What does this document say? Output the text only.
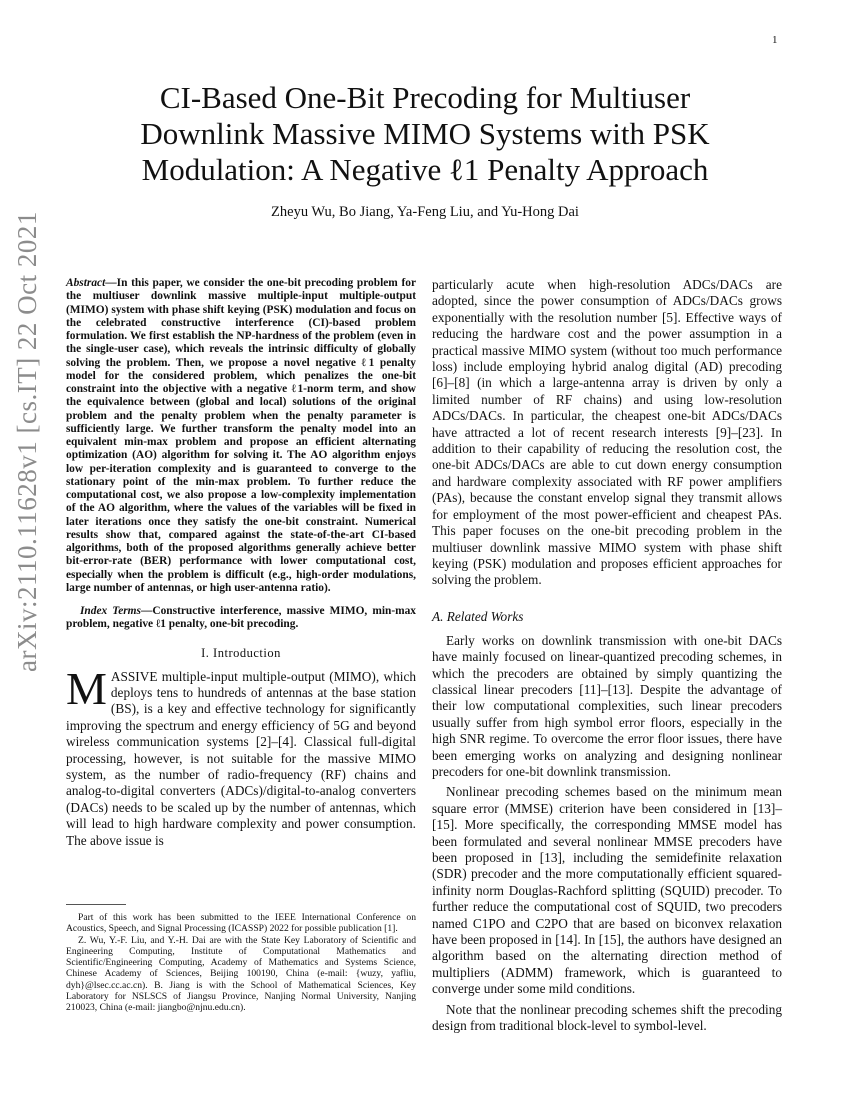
1
arXiv:2110.11628v1 [cs.IT] 22 Oct 2021
CI-Based One-Bit Precoding for Multiuser Downlink Massive MIMO Systems with PSK Modulation: A Negative ℓ1 Penalty Approach
Zheyu Wu, Bo Jiang, Ya-Feng Liu, and Yu-Hong Dai

Abstract—In this paper, we consider the one-bit precoding problem for the multiuser downlink massive multiple-input multiple-output (MIMO) system with phase shift keying (PSK) modulation and focus on the celebrated constructive interference (CI)-based problem formulation. We first establish the NP-hardness of the problem (even in the single-user case), which reveals the intrinsic difficulty of globally solving the problem. Then, we propose a novel negative ℓ1 penalty model for the considered problem, which penalizes the one-bit constraint into the objective with a negative ℓ1-norm term, and show the equivalence between (global and local) solutions of the original problem and the penalty problem when the penalty parameter is sufficiently large. We further transform the penalty model into an equivalent min-max problem and propose an efficient alternating optimization (AO) algorithm for solving it. The AO algorithm enjoys low per-iteration complexity and is guaranteed to converge to the stationary point of the min-max problem. To further reduce the computational cost, we also propose a low-complexity implementation of the AO algorithm, where the values of the variables will be fixed in later iterations once they satisfy the one-bit constraint. Numerical results show that, compared against the state-of-the-art CI-based algorithms, both of the proposed algorithms generally achieve better bit-error-rate (BER) performance with lower computational cost, especially when the problem is difficult (e.g., high-order modulations, large number of antennas, or high user-antenna ratio).

Index Terms—Constructive interference, massive MIMO, min-max problem, negative ℓ1 penalty, one-bit precoding.

I. Introduction

MASSIVE multiple-input multiple-output (MIMO), which deploys tens to hundreds of antennas at the base station (BS), is a key and effective technology for significantly improving the spectrum and energy efficiency of 5G and beyond wireless communication systems [2]–[4]. Classical full-digital processing, however, is not suitable for the massive MIMO system, as the number of radio-frequency (RF) chains and analog-to-digital converters (ADCs)/digital-to-analog converters (DACs) needs to be scaled up by the number of antennas, which will lead to high hardware complexity and power consumption. The above issue is

Part of this work has been submitted to the IEEE International Conference on Acoustics, Speech, and Signal Processing (ICASSP) 2022 for possible publication [1].

Z. Wu, Y.-F. Liu, and Y.-H. Dai are with the State Key Laboratory of Scientific and Engineering Computing, Institute of Computational Mathematics and Scientific/Engineering Computing, Academy of Mathematics and Systems Science, Chinese Academy of Sciences, Beijing 100190, China (e-mail: {wuzy, yafliu, dyh}@lsec.cc.ac.cn). B. Jiang is with the School of Mathematical Sciences, Key Laboratory for NSLSCS of Jiangsu Province, Nanjing Normal University, Nanjing 210023, China (e-mail: jiangbo@njnu.edu.cn).

particularly acute when high-resolution ADCs/DACs are adopted, since the power consumption of ADCs/DACs grows exponentially with the resolution number [5]. Effective ways of reducing the hardware cost and the power assumption in a practical massive MIMO system (without too much performance loss) include employing hybrid analog digital (AD) precoding [6]–[8] (in which a large-antenna array is driven by only a limited number of RF chains) and using low-resolution ADCs/DACs. In particular, the cheapest one-bit ADCs/DACs have attracted a lot of recent research interests [9]–[23]. In addition to their capability of reducing the resolution cost, the one-bit ADCs/DACs are able to cut down energy consumption and hardware complexity associated with RF power amplifiers (PAs), because the constant envelop signal they transmit allows for employment of the most power-efficient and cheapest PAs. This paper focuses on the one-bit precoding problem in the multiuser downlink massive MIMO system with phase shift keying (PSK) modulation and proposes efficient approaches for solving the problem.

A. Related Works

Early works on downlink transmission with one-bit DACs have mainly focused on linear-quantized precoding schemes, in which the precoders are obtained by simply quantizing the classical linear precoders [11]–[13]. Despite the advantage of their low computational complexities, such linear precoders usually suffer from high symbol error floors, especially in the high SNR regime. To overcome the error floor issues, there have been emerging works on analyzing and designing nonlinear precoders for one-bit downlink transmission.

Nonlinear precoding schemes based on the minimum mean square error (MMSE) criterion have been considered in [13]–[15]. More specifically, the corresponding MMSE model has been formulated and several nonlinear MMSE precoders have been proposed in [13], including the semidefinite relaxation (SDR) precoder and the more computationally efficient squared-infinity norm Douglas-Rachford splitting (SQUID) precoder. To further reduce the computational cost of SQUID, two precoders named C1PO and C2PO that are based on biconvex relaxation have been proposed in [14]. In [15], the authors have designed an algorithm based on the alternating direction method of multipliers (ADMM) framework, which is guaranteed to converge under some mild conditions.

Note that the nonlinear precoding schemes shift the precoding design from traditional block-level to symbol-level.
